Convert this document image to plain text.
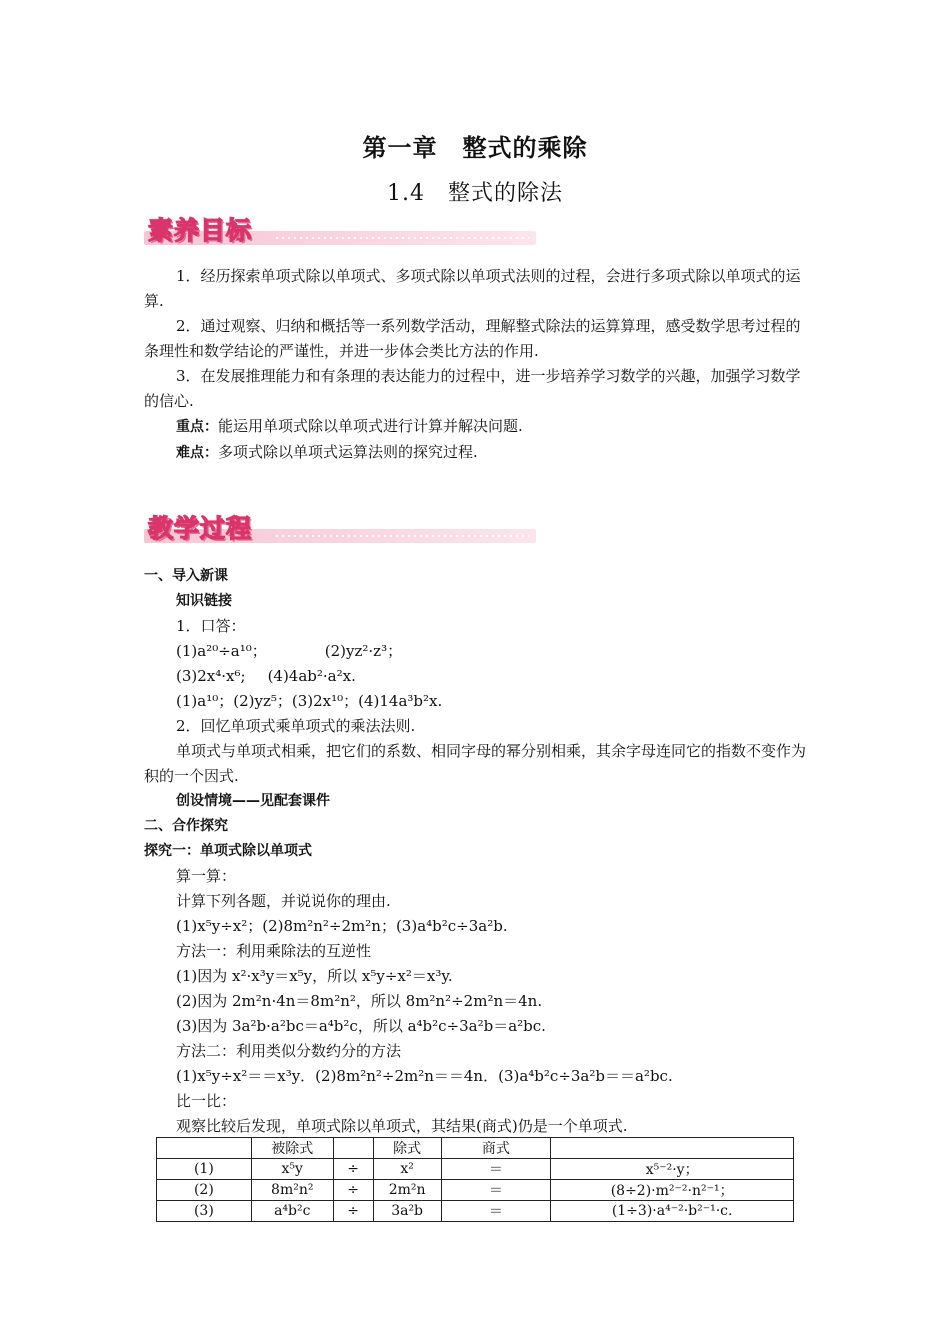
第一章　整式的乘除
1.4　整式的除法
素养目标

1．经历探索单项式除以单项式、多项式除以单项式法则的过程，会进行多项式除以单项式的运算.

2．通过观察、归纳和概括等一系列数学活动，理解整式除法的运算算理，感受数学思考过程的条理性和数学结论的严谨性，并进一步体会类比方法的作用.

3．在发展推理能力和有条理的表达能力的过程中，进一步培养学习数学的兴趣，加强学习数学的信心.

重点：能运用单项式除以单项式进行计算并解决问题.

难点：多项式除以单项式运算法则的探究过程.

教学过程

一、导入新课

知识链接

1．口答：

(1)a²⁰÷a¹⁰；	(2)yz²·z³；

(3)2x⁴·x⁶; (4)4ab²·a²x.

(1)a¹⁰；(2)yz⁵；(3)2x¹⁰；(4)14a³b²x.

2．回忆单项式乘单项式的乘法法则.

单项式与单项式相乘，把它们的系数、相同字母的幂分别相乘，其余字母连同它的指数不变作为积的一个因式.

创设情境——见配套课件

二、合作探究

探究一：单项式除以单项式

算一算：

计算下列各题，并说说你的理由.

(1)x⁵y÷x²；(2)8m²n²÷2m²n；(3)a⁴b²c÷3a²b.

方法一：利用乘除法的互逆性

(1)因为 x²·x³y＝x⁵y，所以 x⁵y÷x²＝x³y.

(2)因为 2m²n·4n＝8m²n²，所以 8m²n²÷2m²n＝4n.

(3)因为 3a²b·a²bc＝a⁴b²c，所以 a⁴b²c÷3a²b＝a²bc.

方法二：利用类似分数约分的方法

(1)x⁵y÷x²＝＝x³y．(2)8m²n²÷2m²n＝＝4n．(3)a⁴b²c÷3a²b＝＝a²bc.

比一比：

观察比较后发现，单项式除以单项式，其结果(商式)仍是一个单项式.

	被除式		除式	商式	
(1)	x⁵y	÷	x²	＝	x⁵⁻²·y；
(2)	8m²n²	÷	2m²n	＝	(8÷2)·m²⁻²·n²⁻¹；
(3)	a⁴b²c	÷	3a²b	＝	(1÷3)·a⁴⁻²·b²⁻¹·c.
